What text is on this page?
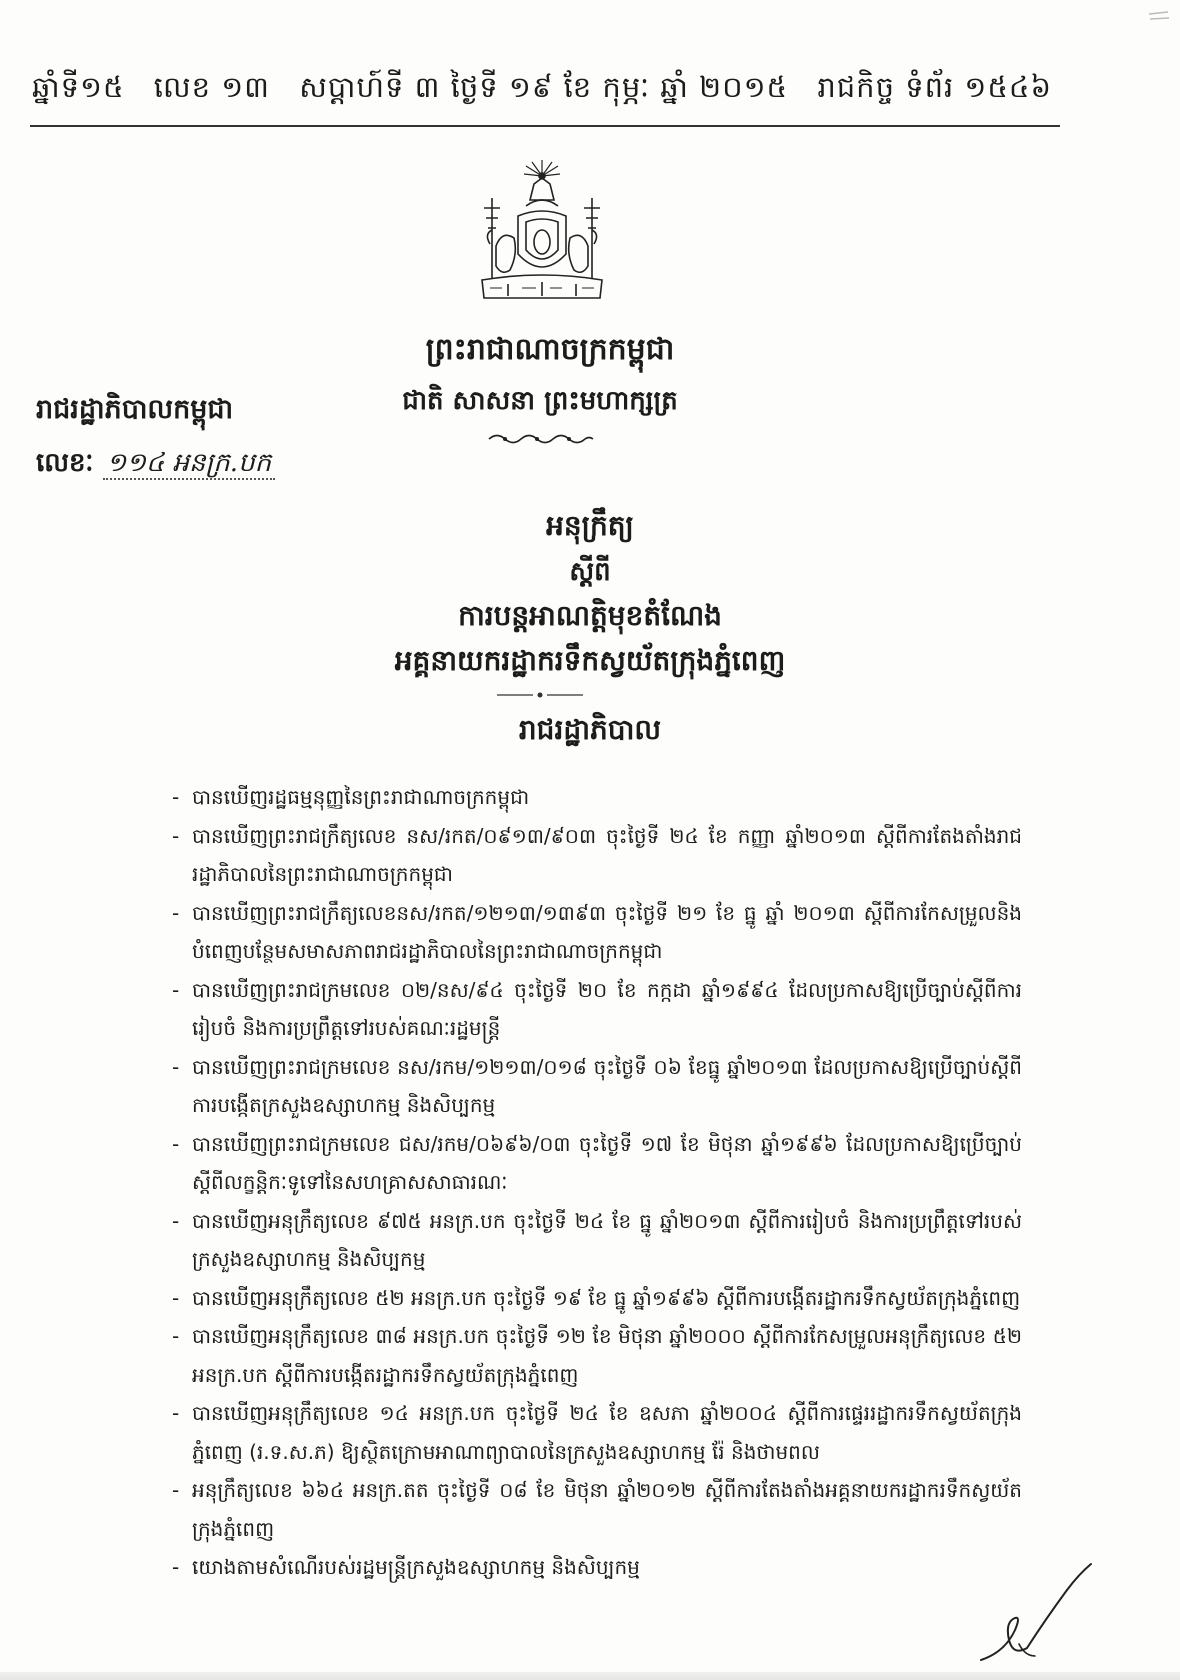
ឆ្នាំទី១៥ លេខ ១៣ សប្តាហ៍ទី ៣ ថ្ងៃទី ១៩ ខែ កុម្ភៈ ឆ្នាំ ២០១៥ រាជកិច្ច ទំព័រ ១៥៤៦
ព្រះរាជាណាចក្រកម្ពុជា
ជាតិ សាសនា ព្រះមហាក្សត្រ
រាជរដ្ឋាភិបាលកម្ពុជា
លេខៈ ១១៤ អនក្រ.បក
អនុក្រឹត្យ
ស្តីពី
ការបន្តអាណត្តិមុខតំណែង
អគ្គនាយករដ្ឋាករទឹកស្វយ័តក្រុងភ្នំពេញ
រាជរដ្ឋាភិបាល
- បានឃើញរដ្ឋធម្មនុញ្ញនៃព្រះរាជាណាចក្រកម្ពុជា
- បានឃើញព្រះរាជក្រឹត្យលេខ នស/រកត/០៩១៣/៩០៣ ចុះថ្ងៃទី ២៤ ខែ កញ្ញា ឆ្នាំ២០១៣ ស្តីពីការតែងតាំងរាជរដ្ឋាភិបាលនៃព្រះរាជាណាចក្រកម្ពុជា
- បានឃើញព្រះរាជក្រឹត្យលេខនស/រកត/១២១៣/១៣៩៣ ចុះថ្ងៃទី ២១ ខែ ធ្នូ ឆ្នាំ ២០១៣ ស្តីពីការកែសម្រួលនិងបំពេញបន្ថែមសមាសភាពរាជរដ្ឋាភិបាលនៃព្រះរាជាណាចក្រកម្ពុជា
- បានឃើញព្រះរាជក្រមលេខ ០២/នស/៩៤ ចុះថ្ងៃទី ២០ ខែ កក្កដា ឆ្នាំ១៩៩៤ ដែលប្រកាសឱ្យប្រើច្បាប់ស្តីពីការរៀបចំ និងការប្រព្រឹត្តទៅរបស់គណៈរដ្ឋមន្ត្រី
- បានឃើញព្រះរាជក្រមលេខ នស/រកម/១២១៣/០១៨ ចុះថ្ងៃទី ០៦ ខែធ្នូ ឆ្នាំ២០១៣ ដែលប្រកាសឱ្យប្រើច្បាប់ស្តីពីការបង្កើតក្រសួងឧស្សាហកម្ម និងសិប្បកម្ម
- បានឃើញព្រះរាជក្រមលេខ ជស/រកម/០៦៩៦/០៣ ចុះថ្ងៃទី ១៧ ខែ មិថុនា ឆ្នាំ១៩៩៦ ដែលប្រកាសឱ្យប្រើច្បាប់ស្តីពីលក្ខន្តិកៈទូទៅនៃសហគ្រាសសាធារណៈ
- បានឃើញអនុក្រឹត្យលេខ ៩៧៥ អនក្រ.បក ចុះថ្ងៃទី ២៤ ខែ ធ្នូ ឆ្នាំ២០១៣ ស្តីពីការរៀបចំ និងការប្រព្រឹត្តទៅរបស់ក្រសួងឧស្សាហកម្ម និងសិប្បកម្ម
- បានឃើញអនុក្រឹត្យលេខ ៥២ អនក្រ.បក ចុះថ្ងៃទី ១៩ ខែ ធ្នូ ឆ្នាំ១៩៩៦ ស្តីពីការបង្កើតរដ្ឋាករទឹកស្វយ័តក្រុងភ្នំពេញ
- បានឃើញអនុក្រឹត្យលេខ ៣៨ អនក្រ.បក ចុះថ្ងៃទី ១២ ខែ មិថុនា ឆ្នាំ២០០០ ស្តីពីការកែសម្រួលអនុក្រឹត្យលេខ ៥២ អនក្រ.បក ស្តីពីការបង្កើតរដ្ឋាករទឹកស្វយ័តក្រុងភ្នំពេញ
- បានឃើញអនុក្រឹត្យលេខ ១៤ អនក្រ.បក ចុះថ្ងៃទី ២៤ ខែ ឧសភា ឆ្នាំ២០០៤ ស្តីពីការផ្ទេររដ្ឋាករទឹកស្វយ័តក្រុងភ្នំពេញ (រ.ទ.ស.ភ) ឱ្យស្ថិតក្រោមអាណាព្យាបាលនៃក្រសួងឧស្សាហកម្ម រ៉ែ និងថាមពល
- អនុក្រឹត្យលេខ ៦៦៤ អនក្រ.តត ចុះថ្ងៃទី ០៨ ខែ មិថុនា ឆ្នាំ២០១២ ស្តីពីការតែងតាំងអគ្គនាយករដ្ឋាករទឹកស្វយ័តក្រុងភ្នំពេញ
- យោងតាមសំណើរបស់រដ្ឋមន្ត្រីក្រសួងឧស្សាហកម្ម និងសិប្បកម្ម
